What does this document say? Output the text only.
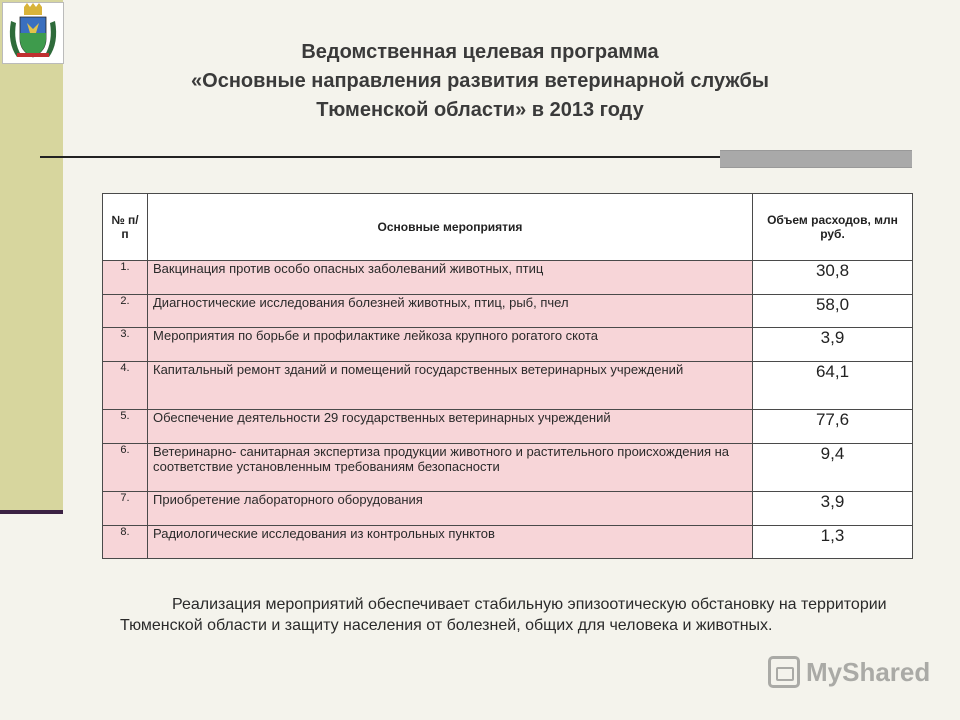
Ведомственная целевая программа
«Основные направления развития ветеринарной службы
Тюменской области» в 2013 году
№ п/п	Основные мероприятия	Объем расходов, млн руб.
1.	Вакцинация против особо опасных заболеваний животных, птиц	30,8
2.	Диагностические исследования болезней животных, птиц, рыб, пчел	58,0
3.	Мероприятия по борьбе и профилактике лейкоза крупного рогатого скота	3,9
4.	Капитальный ремонт зданий и помещений государственных ветеринарных учреждений	64,1
5.	Обеспечение деятельности 29 государственных ветеринарных учреждений	77,6
6.	Ветеринарно- санитарная экспертиза продукции животного и растительного происхождения на соответствие установленным требованиям безопасности	9,4
7.	Приобретение лабораторного оборудования	3,9
8.	Радиологические исследования из контрольных пунктов	1,3
Реализация мероприятий обеспечивает стабильную эпизоотическую обстановку на территории Тюменской области и защиту населения от болезней, общих для человека и животных.
MyShared
